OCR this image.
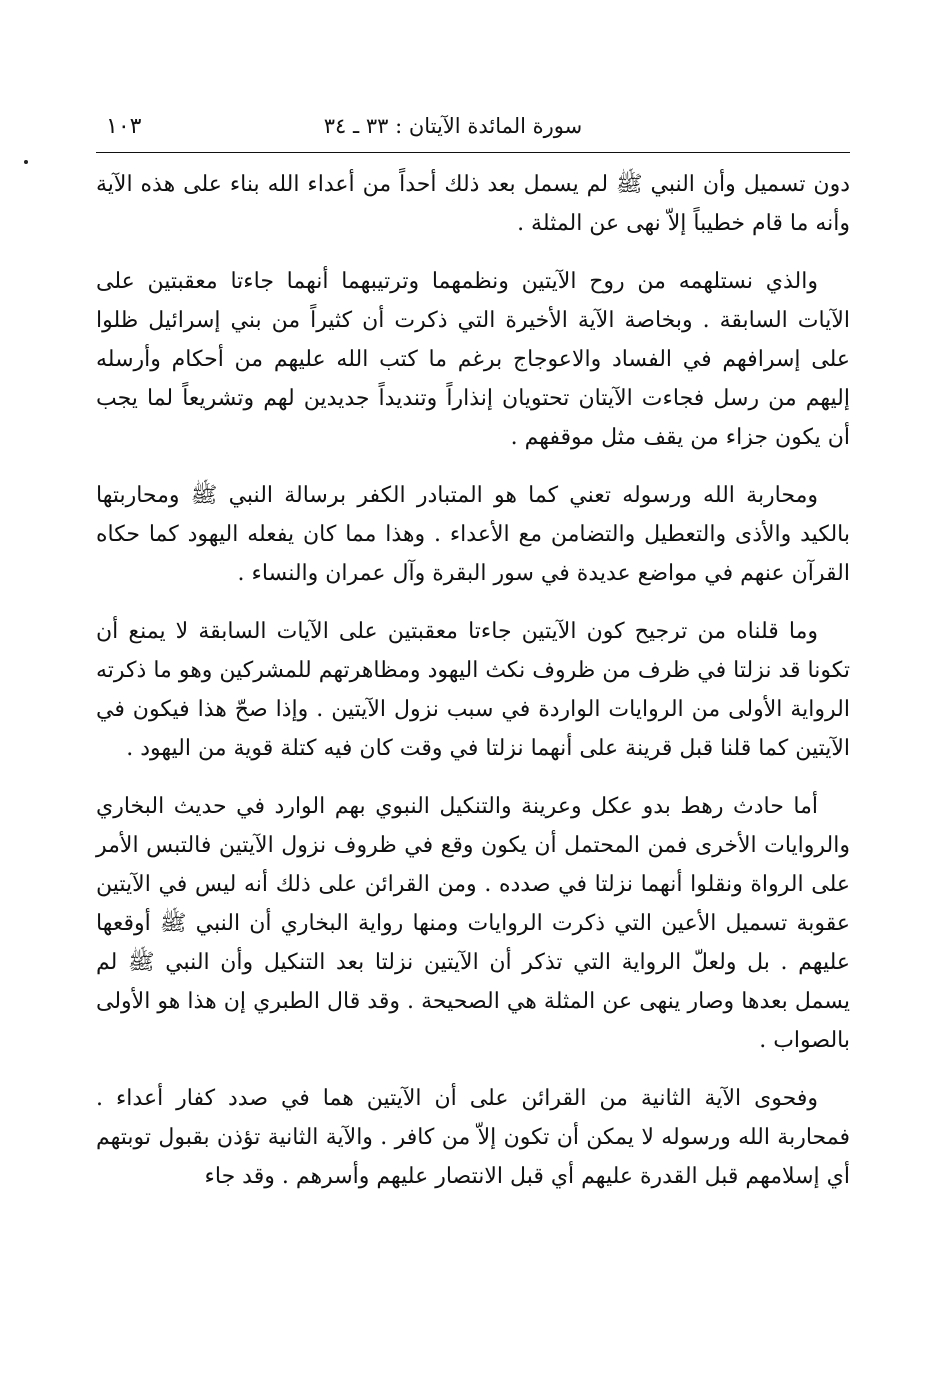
سورة المائدة الآيتان : ٣٣ ـ ٣٤
١٠٣

دون تسميل وأن النبي ﷺ لم يسمل بعد ذلك أحداً من أعداء الله بناء على هذه الآية وأنه ما قام خطيباً إلاّ نهى عن المثلة .

والذي نستلهمه من روح الآيتين ونظمهما وترتيبهما أنهما جاءتا معقبتين على الآيات السابقة . وبخاصة الآية الأخيرة التي ذكرت أن كثيراً من بني إسرائيل ظلوا على إسرافهم في الفساد والاعوجاج برغم ما كتب الله عليهم من أحكام وأرسله إليهم من رسل فجاءت الآيتان تحتويان إنذاراً وتنديداً جديدين لهم وتشريعاً لما يجب أن يكون جزاء من يقف مثل موقفهم .

ومحاربة الله ورسوله تعني كما هو المتبادر الكفر برسالة النبي ﷺ ومحاربتها بالكيد والأذى والتعطيل والتضامن مع الأعداء . وهذا مما كان يفعله اليهود كما حكاه القرآن عنهم في مواضع عديدة في سور البقرة وآل عمران والنساء .

وما قلناه من ترجيح كون الآيتين جاءتا معقبتين على الآيات السابقة لا يمنع أن تكونا قد نزلتا في ظرف من ظروف نكث اليهود ومظاهرتهم للمشركين وهو ما ذكرته الرواية الأولى من الروايات الواردة في سبب نزول الآيتين . وإذا صحّ هذا فيكون في الآيتين كما قلنا قبل قرينة على أنهما نزلتا في وقت كان فيه كتلة قوية من اليهود .

أما حادث رهط بدو عكل وعرينة والتنكيل النبوي بهم الوارد في حديث البخاري والروايات الأخرى فمن المحتمل أن يكون وقع في ظروف نزول الآيتين فالتبس الأمر على الرواة ونقلوا أنهما نزلتا في صدده . ومن القرائن على ذلك أنه ليس في الآيتين عقوبة تسميل الأعين التي ذكرت الروايات ومنها رواية البخاري أن النبي ﷺ أوقعها عليهم . بل ولعلّ الرواية التي تذكر أن الآيتين نزلتا بعد التنكيل وأن النبي ﷺ لم يسمل بعدها وصار ينهى عن المثلة هي الصحيحة . وقد قال الطبري إن هذا هو الأولى بالصواب .

وفحوى الآية الثانية من القرائن على أن الآيتين هما في صدد كفار أعداء . فمحاربة الله ورسوله لا يمكن أن تكون إلاّ من كافر . والآية الثانية تؤذن بقبول توبتهم أي إسلامهم قبل القدرة عليهم أي قبل الانتصار عليهم وأسرهم . وقد جاء
